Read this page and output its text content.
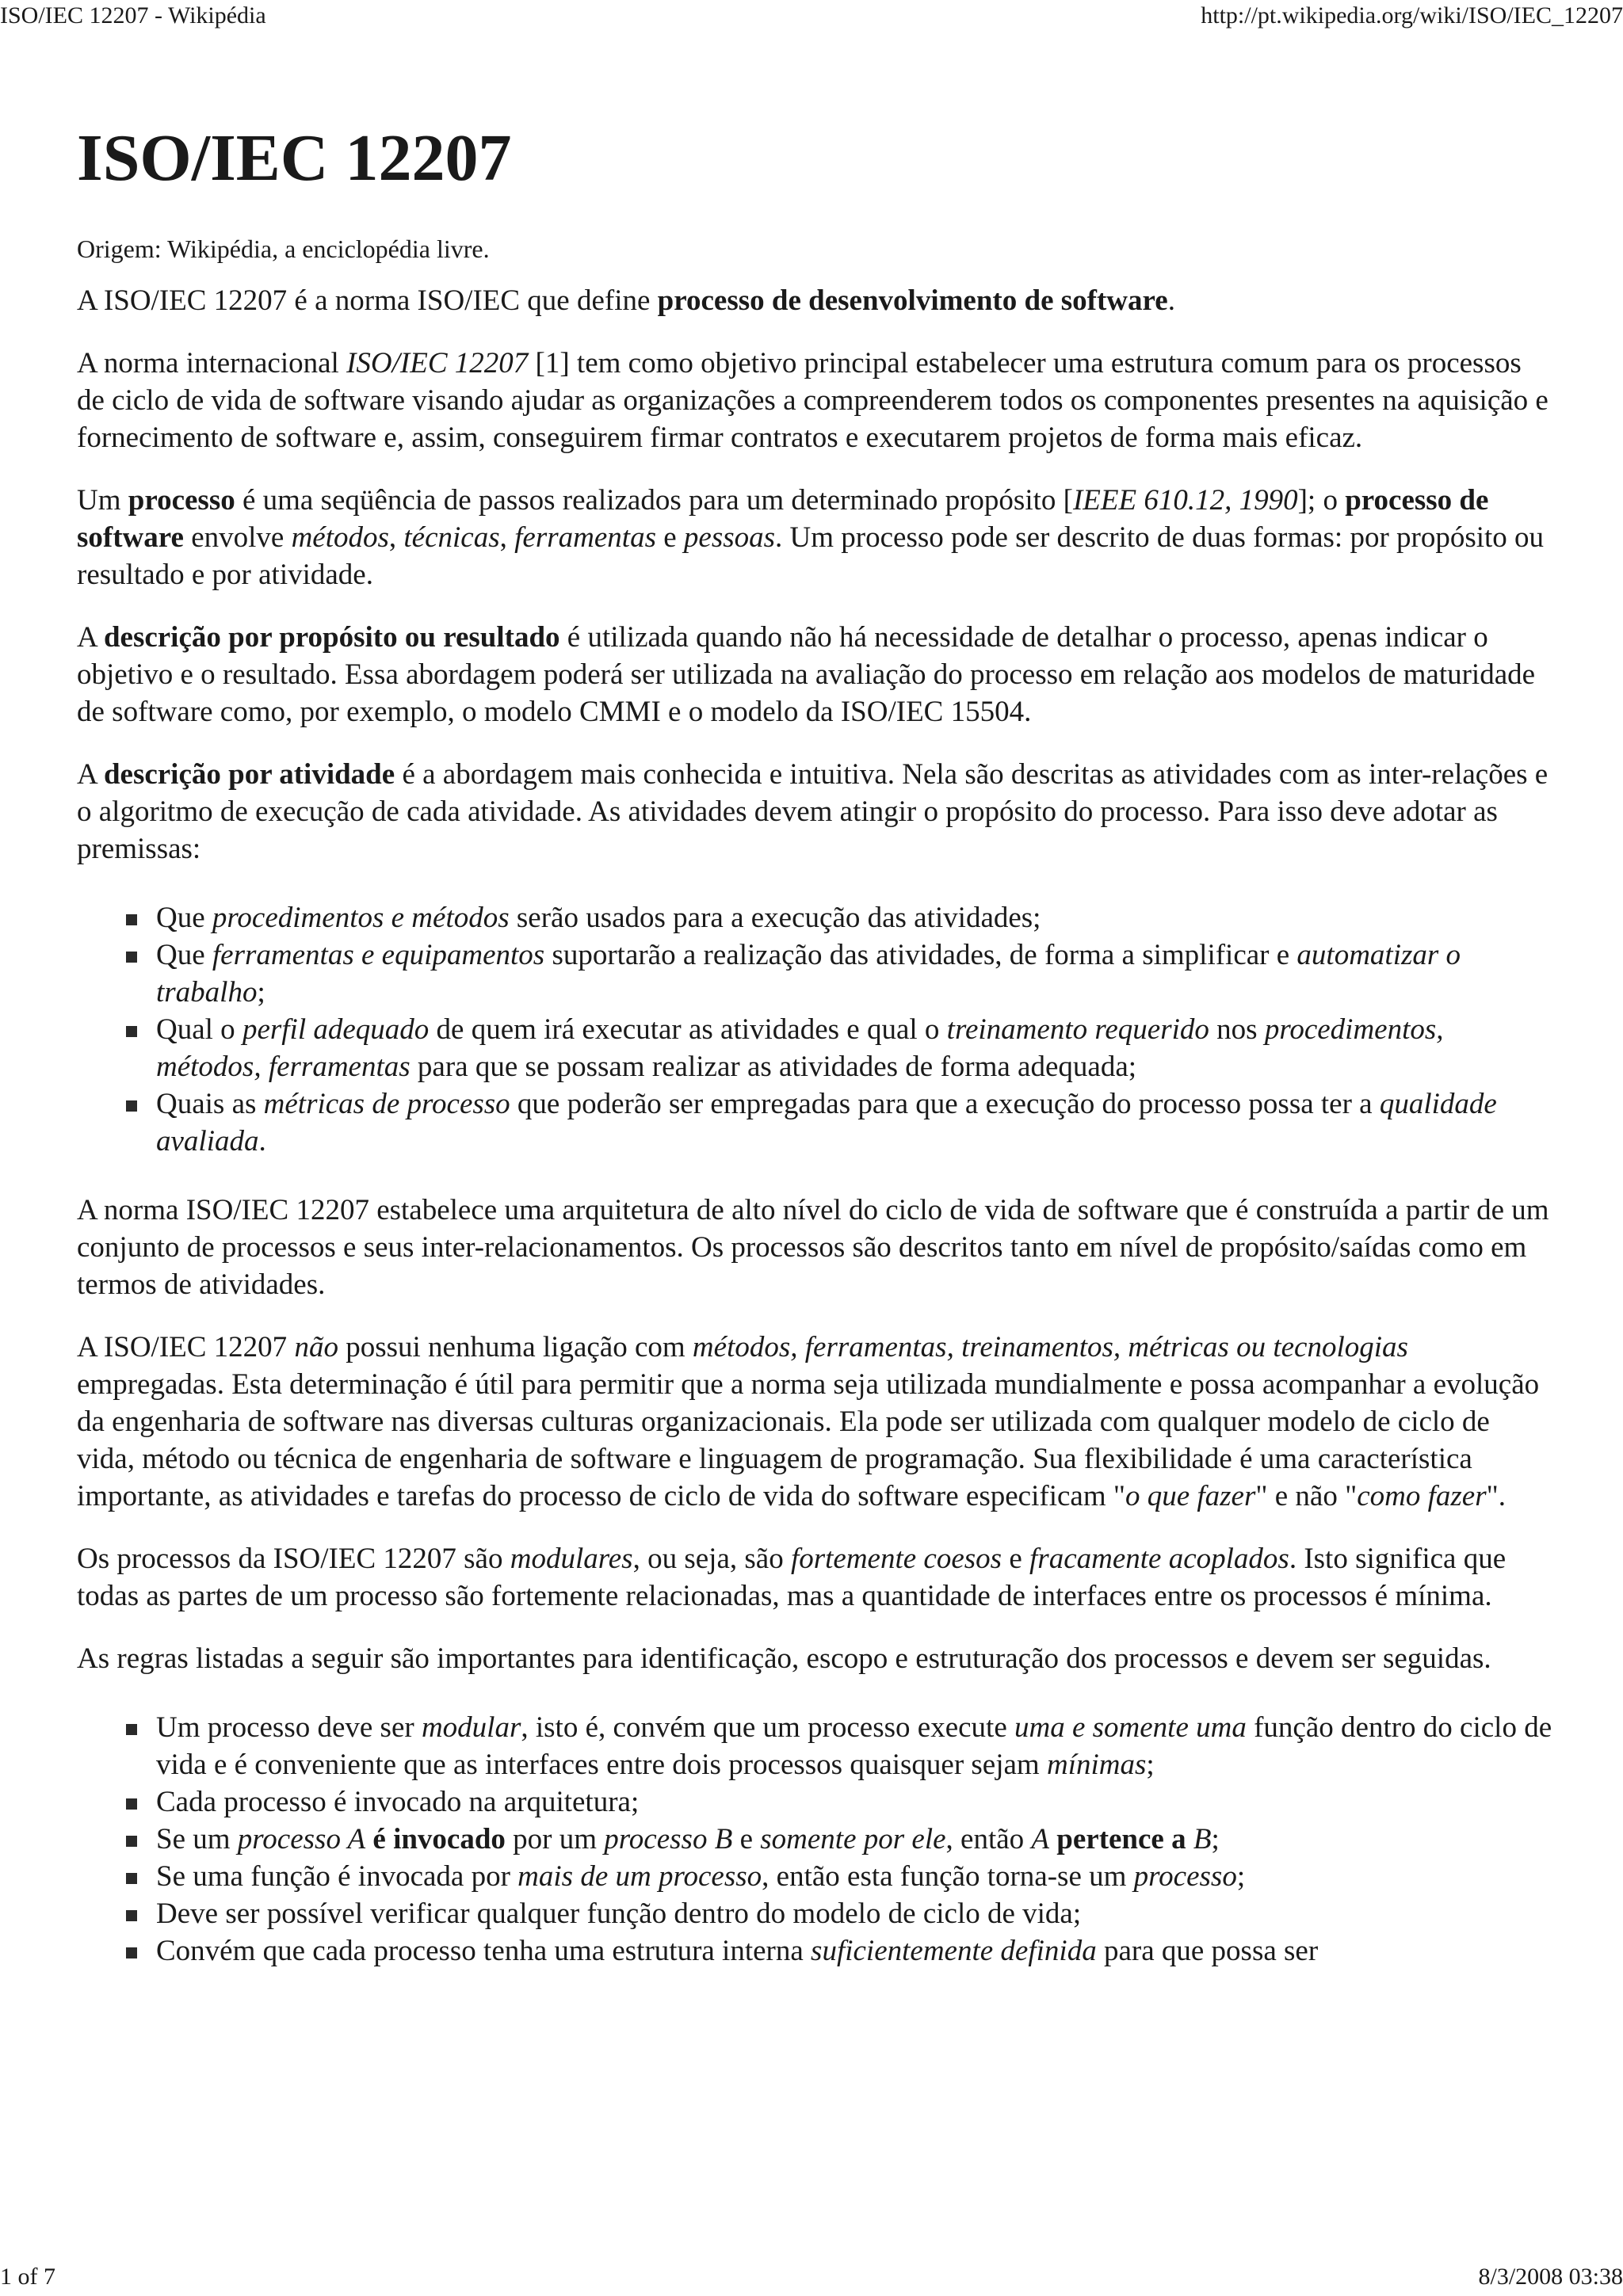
ISO/IEC 12207 - Wikipédia	http://pt.wikipedia.org/wiki/ISO/IEC_12207
ISO/IEC 12207
Origem: Wikipédia, a enciclopédia livre.

A ISO/IEC 12207 é a norma ISO/IEC que define processo de desenvolvimento de software.

A norma internacional ISO/IEC 12207 [1] tem como objetivo principal estabelecer uma estrutura comum para os processos de ciclo de vida de software visando ajudar as organizações a compreenderem todos os componentes presentes na aquisição e fornecimento de software e, assim, conseguirem firmar contratos e executarem projetos de forma mais eficaz.

Um processo é uma seqüência de passos realizados para um determinado propósito [IEEE 610.12, 1990]; o processo de software envolve métodos, técnicas, ferramentas e pessoas. Um processo pode ser descrito de duas formas: por propósito ou resultado e por atividade.

A descrição por propósito ou resultado é utilizada quando não há necessidade de detalhar o processo, apenas indicar o objetivo e o resultado. Essa abordagem poderá ser utilizada na avaliação do processo em relação aos modelos de maturidade de software como, por exemplo, o modelo CMMI e o modelo da ISO/IEC 15504.

A descrição por atividade é a abordagem mais conhecida e intuitiva. Nela são descritas as atividades com as inter-relações e o algoritmo de execução de cada atividade. As atividades devem atingir o propósito do processo. Para isso deve adotar as premissas:

Que procedimentos e métodos serão usados para a execução das atividades;
Que ferramentas e equipamentos suportarão a realização das atividades, de forma a simplificar e automatizar o trabalho;
Qual o perfil adequado de quem irá executar as atividades e qual o treinamento requerido nos procedimentos, métodos, ferramentas para que se possam realizar as atividades de forma adequada;
Quais as métricas de processo que poderão ser empregadas para que a execução do processo possa ter a qualidade avaliada.

A norma ISO/IEC 12207 estabelece uma arquitetura de alto nível do ciclo de vida de software que é construída a partir de um conjunto de processos e seus inter-relacionamentos. Os processos são descritos tanto em nível de propósito/saídas como em termos de atividades.

A ISO/IEC 12207 não possui nenhuma ligação com métodos, ferramentas, treinamentos, métricas ou tecnologias empregadas. Esta determinação é útil para permitir que a norma seja utilizada mundialmente e possa acompanhar a evolução da engenharia de software nas diversas culturas organizacionais. Ela pode ser utilizada com qualquer modelo de ciclo de vida, método ou técnica de engenharia de software e linguagem de programação. Sua flexibilidade é uma característica importante, as atividades e tarefas do processo de ciclo de vida do software especificam "o que fazer" e não "como fazer".

Os processos da ISO/IEC 12207 são modulares, ou seja, são fortemente coesos e fracamente acoplados. Isto significa que todas as partes de um processo são fortemente relacionadas, mas a quantidade de interfaces entre os processos é mínima.

As regras listadas a seguir são importantes para identificação, escopo e estruturação dos processos e devem ser seguidas.

Um processo deve ser modular, isto é, convém que um processo execute uma e somente uma função dentro do ciclo de vida e é conveniente que as interfaces entre dois processos quaisquer sejam mínimas;
Cada processo é invocado na arquitetura;
Se um processo A é invocado por um processo B e somente por ele, então A pertence a B;
Se uma função é invocada por mais de um processo, então esta função torna-se um processo;
Deve ser possível verificar qualquer função dentro do modelo de ciclo de vida;
Convém que cada processo tenha uma estrutura interna suficientemente definida para que possa ser
1 of 7	8/3/2008 03:38
